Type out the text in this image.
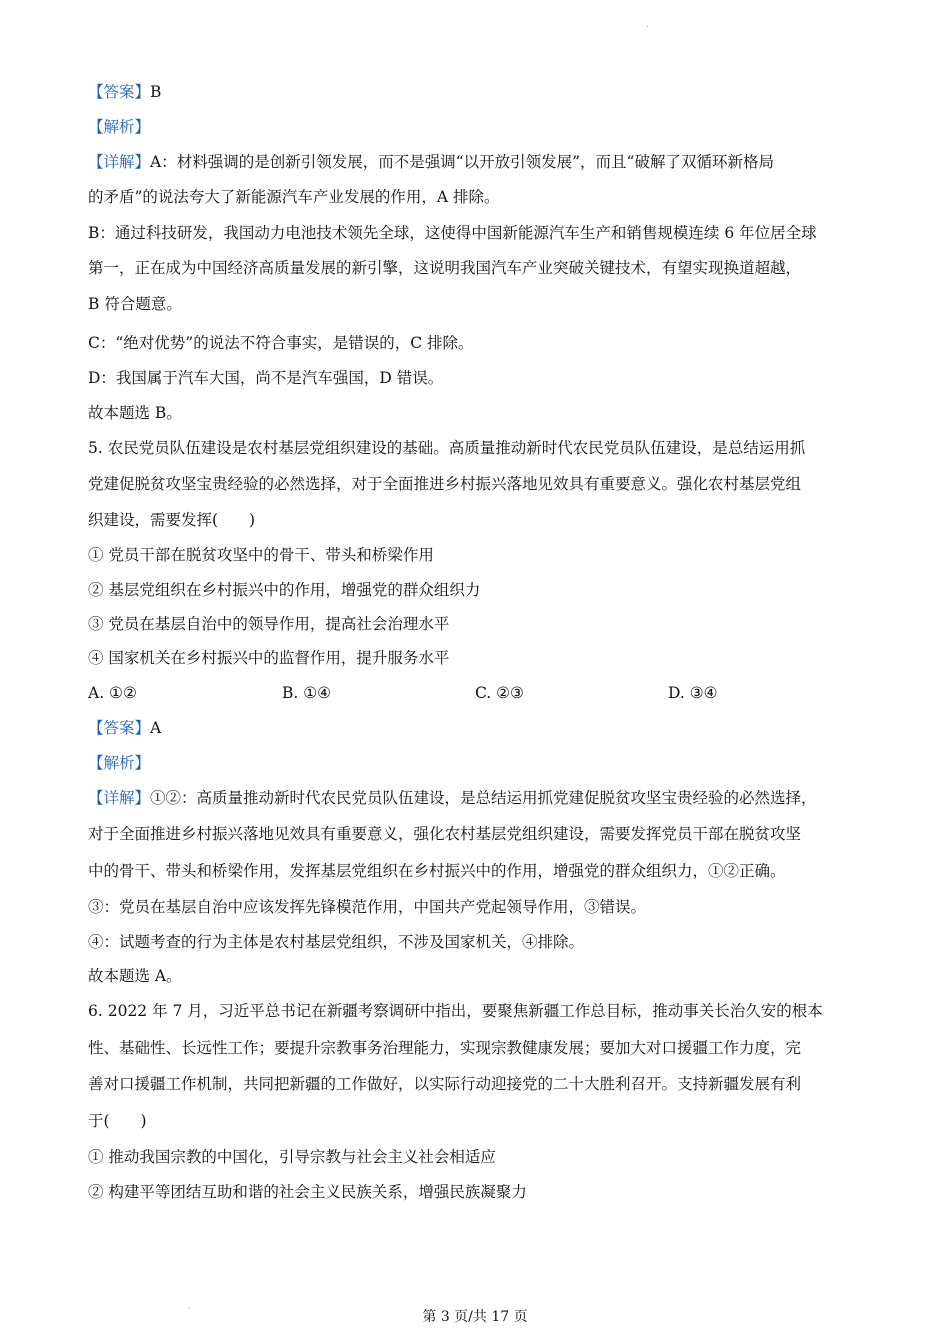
【答案】B
【解析】
【详解】A：材料强调的是创新引领发展，而不是强调“以开放引领发展”，而且“破解了双循环新格局
的矛盾”的说法夸大了新能源汽车产业发展的作用，A 排除。
B：通过科技研发，我国动力电池技术领先全球，这使得中国新能源汽车生产和销售规模连续 6 年位居全球
第一，正在成为中国经济高质量发展的新引擎，这说明我国汽车产业突破关键技术，有望实现换道超越，
B 符合题意。
C：“绝对优势”的说法不符合事实，是错误的，C 排除。
D：我国属于汽车大国，尚不是汽车强国，D 错误。
故本题选 B。
5. 农民党员队伍建设是农村基层党组织建设的基础。高质量推动新时代农民党员队伍建设，是总结运用抓
党建促脱贫攻坚宝贵经验的必然选择，对于全面推进乡村振兴落地见效具有重要意义。强化农村基层党组
织建设，需要发挥(　　)
① 党员干部在脱贫攻坚中的骨干、带头和桥梁作用
② 基层党组织在乡村振兴中的作用，增强党的群众组织力
③ 党员在基层自治中的领导作用，提高社会治理水平
④ 国家机关在乡村振兴中的监督作用，提升服务水平
A. ①②	B. ①④	C. ②③	D. ③④
【答案】A
【解析】
【详解】①②：高质量推动新时代农民党员队伍建设，是总结运用抓党建促脱贫攻坚宝贵经验的必然选择，
对于全面推进乡村振兴落地见效具有重要意义，强化农村基层党组织建设，需要发挥党员干部在脱贫攻坚
中的骨干、带头和桥梁作用，发挥基层党组织在乡村振兴中的作用，增强党的群众组织力，①②正确。
③：党员在基层自治中应该发挥先锋模范作用，中国共产党起领导作用，③错误。
④：试题考查的行为主体是农村基层党组织，不涉及国家机关，④排除。
故本题选 A。
6. 2022 年 7 月，习近平总书记在新疆考察调研中指出，要聚焦新疆工作总目标，推动事关长治久安的根本
性、基础性、长远性工作；要提升宗教事务治理能力，实现宗教健康发展；要加大对口援疆工作力度，完
善对口援疆工作机制，共同把新疆的工作做好，以实际行动迎接党的二十大胜利召开。支持新疆发展有利
于(　　)
① 推动我国宗教的中国化，引导宗教与社会主义社会相适应
② 构建平等团结互助和谐的社会主义民族关系，增强民族凝聚力
第 3 页/共 17 页
.
.
